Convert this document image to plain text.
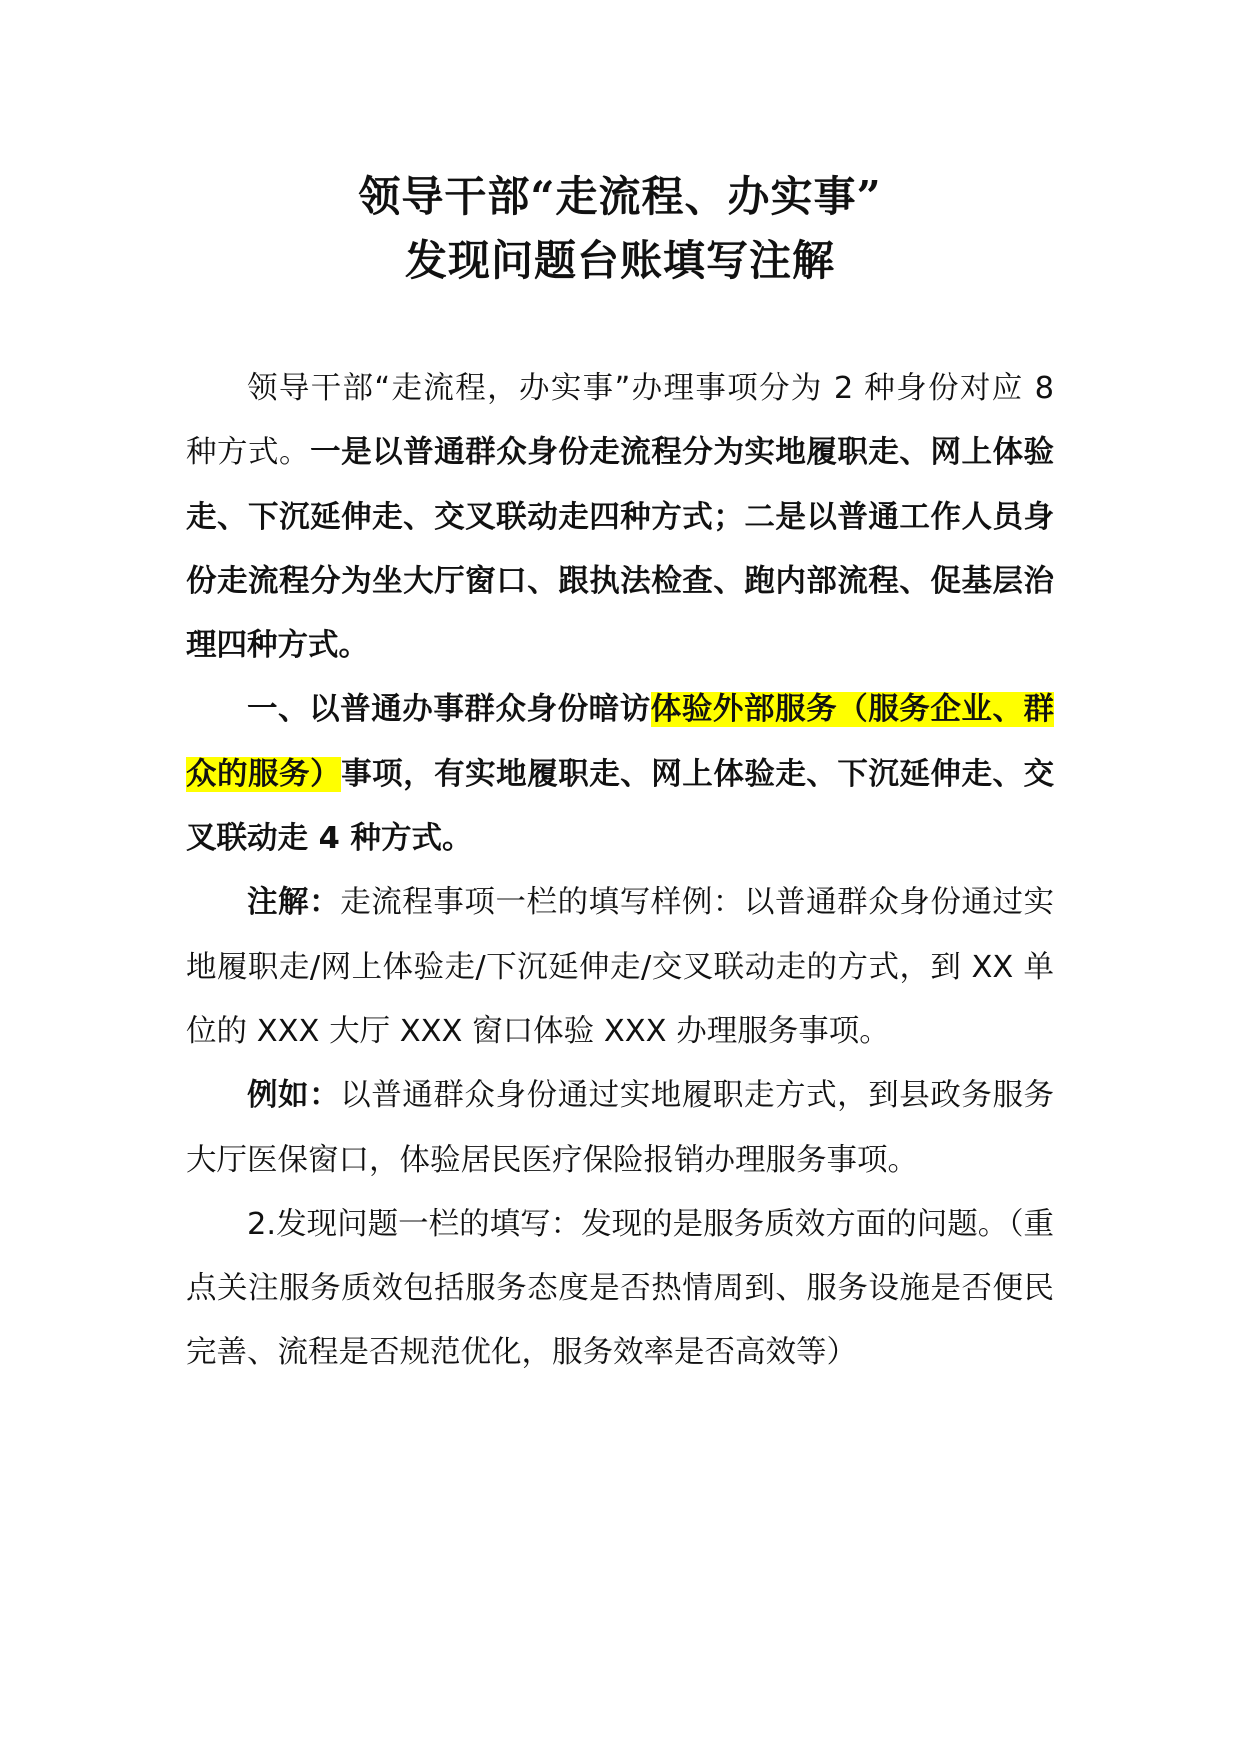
领导干部“走流程、办实事”
发现问题台账填写注解

领导干部“走流程，办实事”办理事项分为 2 种身份对应 8 种方式。一是以普通群众身份走流程分为实地履职走、网上体验走、下沉延伸走、交叉联动走四种方式；二是以普通工作人员身份走流程分为坐大厅窗口、跟执法检查、跑内部流程、促基层治理四种方式。

一、以普通办事群众身份暗访体验外部服务（服务企业、群众的服务）事项，有实地履职走、网上体验走、下沉延伸走、交叉联动走 4 种方式。

注解：走流程事项一栏的填写样例：以普通群众身份通过实地履职走/网上体验走/下沉延伸走/交叉联动走的方式，到 XX 单位的 XXX 大厅 XXX 窗口体验 XXX 办理服务事项。

例如：以普通群众身份通过实地履职走方式，到县政务服务大厅医保窗口，体验居民医疗保险报销办理服务事项。

2.发现问题一栏的填写：发现的是服务质效方面的问题。（重点关注服务质效包括服务态度是否热情周到、服务设施是否便民完善、流程是否规范优化，服务效率是否高效等）
